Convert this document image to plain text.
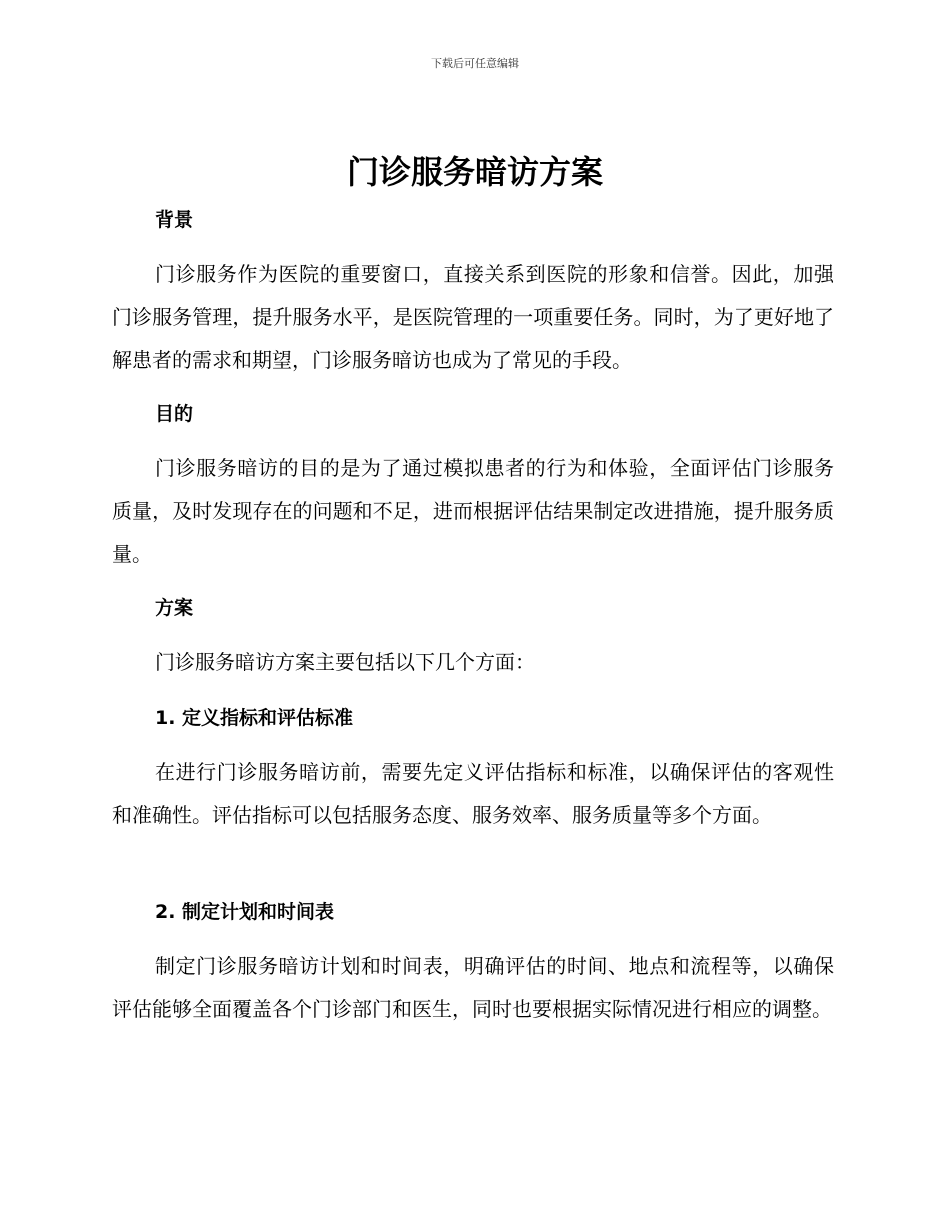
下载后可任意编辑
门诊服务暗访方案
背景

门诊服务作为医院的重要窗口，直接关系到医院的形象和信誉。因此，加强门诊服务管理，提升服务水平，是医院管理的一项重要任务。同时，为了更好地了解患者的需求和期望，门诊服务暗访也成为了常见的手段。

目的

门诊服务暗访的目的是为了通过模拟患者的行为和体验，全面评估门诊服务质量，及时发现存在的问题和不足，进而根据评估结果制定改进措施，提升服务质量。

方案

门诊服务暗访方案主要包括以下几个方面：

1. 定义指标和评估标准

在进行门诊服务暗访前，需要先定义评估指标和标准，以确保评估的客观性和准确性。评估指标可以包括服务态度、服务效率、服务质量等多个方面。

2. 制定计划和时间表

制定门诊服务暗访计划和时间表，明确评估的时间、地点和流程等，以确保评估能够全面覆盖各个门诊部门和医生，同时也要根据实际情况进行相应的调整。
